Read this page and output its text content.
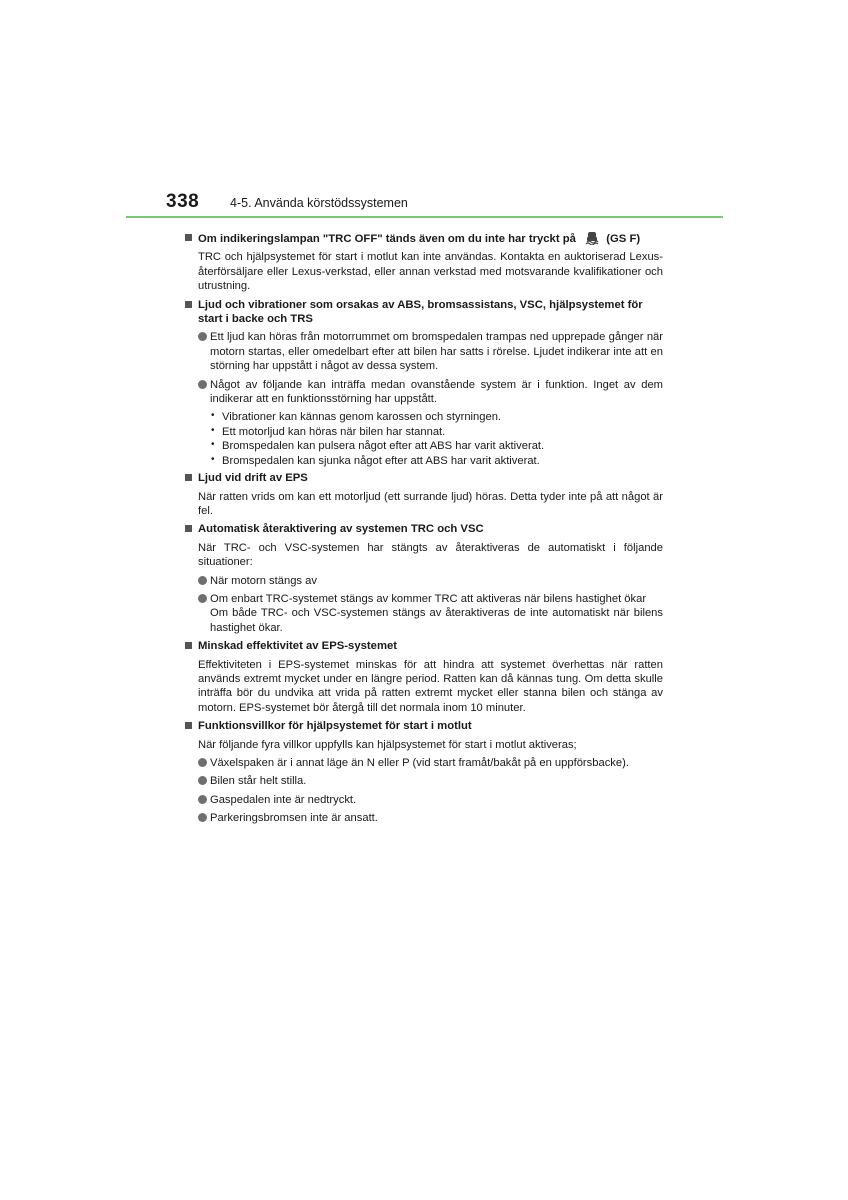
338 4-5. Använda körstödssystemen
Om indikeringslampan "TRC OFF" tänds även om du inte har tryckt på	(GS F)
TRC och hjälpsystemet för start i motlut kan inte användas. Kontakta en auktoriserad Lexus-återförsäljare eller Lexus-verkstad, eller annan verkstad med motsvarande kvalifikationer och utrustning.
Ljud och vibrationer som orsakas av ABS, bromsassistans, VSC, hjälpsystemet för start i backe och TRS
Ett ljud kan höras från motorrummet om bromspedalen trampas ned upprepade gånger när motorn startas, eller omedelbart efter att bilen har satts i rörelse. Ljudet indikerar inte att en störning har uppstått i något av dessa system.
Något av följande kan inträffa medan ovanstående system är i funktion. Inget av dem indikerar att en funktionsstörning har uppstått.
• Vibrationer kan kännas genom karossen och styrningen.
• Ett motorljud kan höras när bilen har stannat.
• Bromspedalen kan pulsera något efter att ABS har varit aktiverat.
• Bromspedalen kan sjunka något efter att ABS har varit aktiverat.
Ljud vid drift av EPS
När ratten vrids om kan ett motorljud (ett surrande ljud) höras. Detta tyder inte på att något är fel.
Automatisk återaktivering av systemen TRC och VSC
När TRC- och VSC-systemen har stängts av återaktiveras de automatiskt i följande situationer:
När motorn stängs av
Om enbart TRC-systemet stängs av kommer TRC att aktiveras när bilens hastighet ökar
Om både TRC- och VSC-systemen stängs av återaktiveras de inte automatiskt när bilens hastighet ökar.
Minskad effektivitet av EPS-systemet
Effektiviteten i EPS-systemet minskas för att hindra att systemet överhettas när ratten används extremt mycket under en längre period. Ratten kan då kännas tung. Om detta skulle inträffa bör du undvika att vrida på ratten extremt mycket eller stanna bilen och stänga av motorn. EPS-systemet bör återgå till det normala inom 10 minuter.
Funktionsvillkor för hjälpsystemet för start i motlut
När följande fyra villkor uppfylls kan hjälpsystemet för start i motlut aktiveras;
Växelspaken är i annat läge än N eller P (vid start framåt/bakåt på en uppförsbacke).
Bilen står helt stilla.
Gaspedalen inte är nedtryckt.
Parkeringsbromsen inte är ansatt.
